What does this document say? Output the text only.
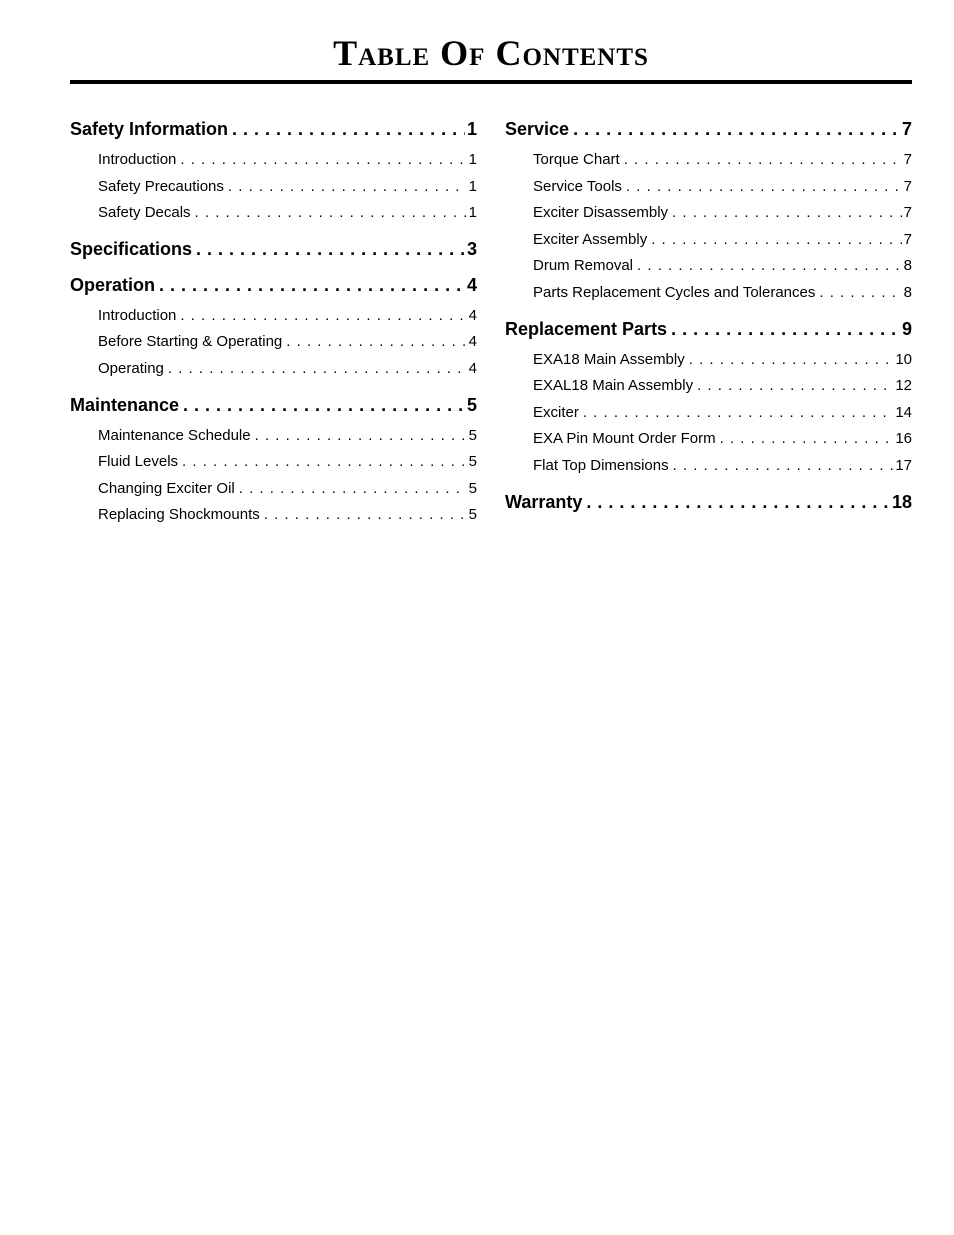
Table Of Contents
Safety Information . . .	1
Introduction . . .	1
Safety Precautions . . .	1
Safety Decals . . .	1
Specifications . . .	3
Operation . . .	4
Introduction . . .	4
Before Starting & Operating . . .	4
Operating . . .	4
Maintenance . . .	5
Maintenance Schedule . . .	5
Fluid Levels . . .	5
Changing Exciter Oil . . .	5
Replacing Shockmounts . . .	5
Service . . .	7
Torque Chart . . .	7
Service Tools . . .	7
Exciter Disassembly . . .	7
Exciter Assembly . . .	7
Drum Removal . . .	8
Parts Replacement Cycles and Tolerances . . .	8
Replacement Parts . . .	9
EXA18 Main Assembly . . .	10
EXAL18 Main Assembly . . .	12
Exciter . . .	14
EXA Pin Mount Order Form . . .	16
Flat Top Dimensions . . .	17
Warranty . . .	18
